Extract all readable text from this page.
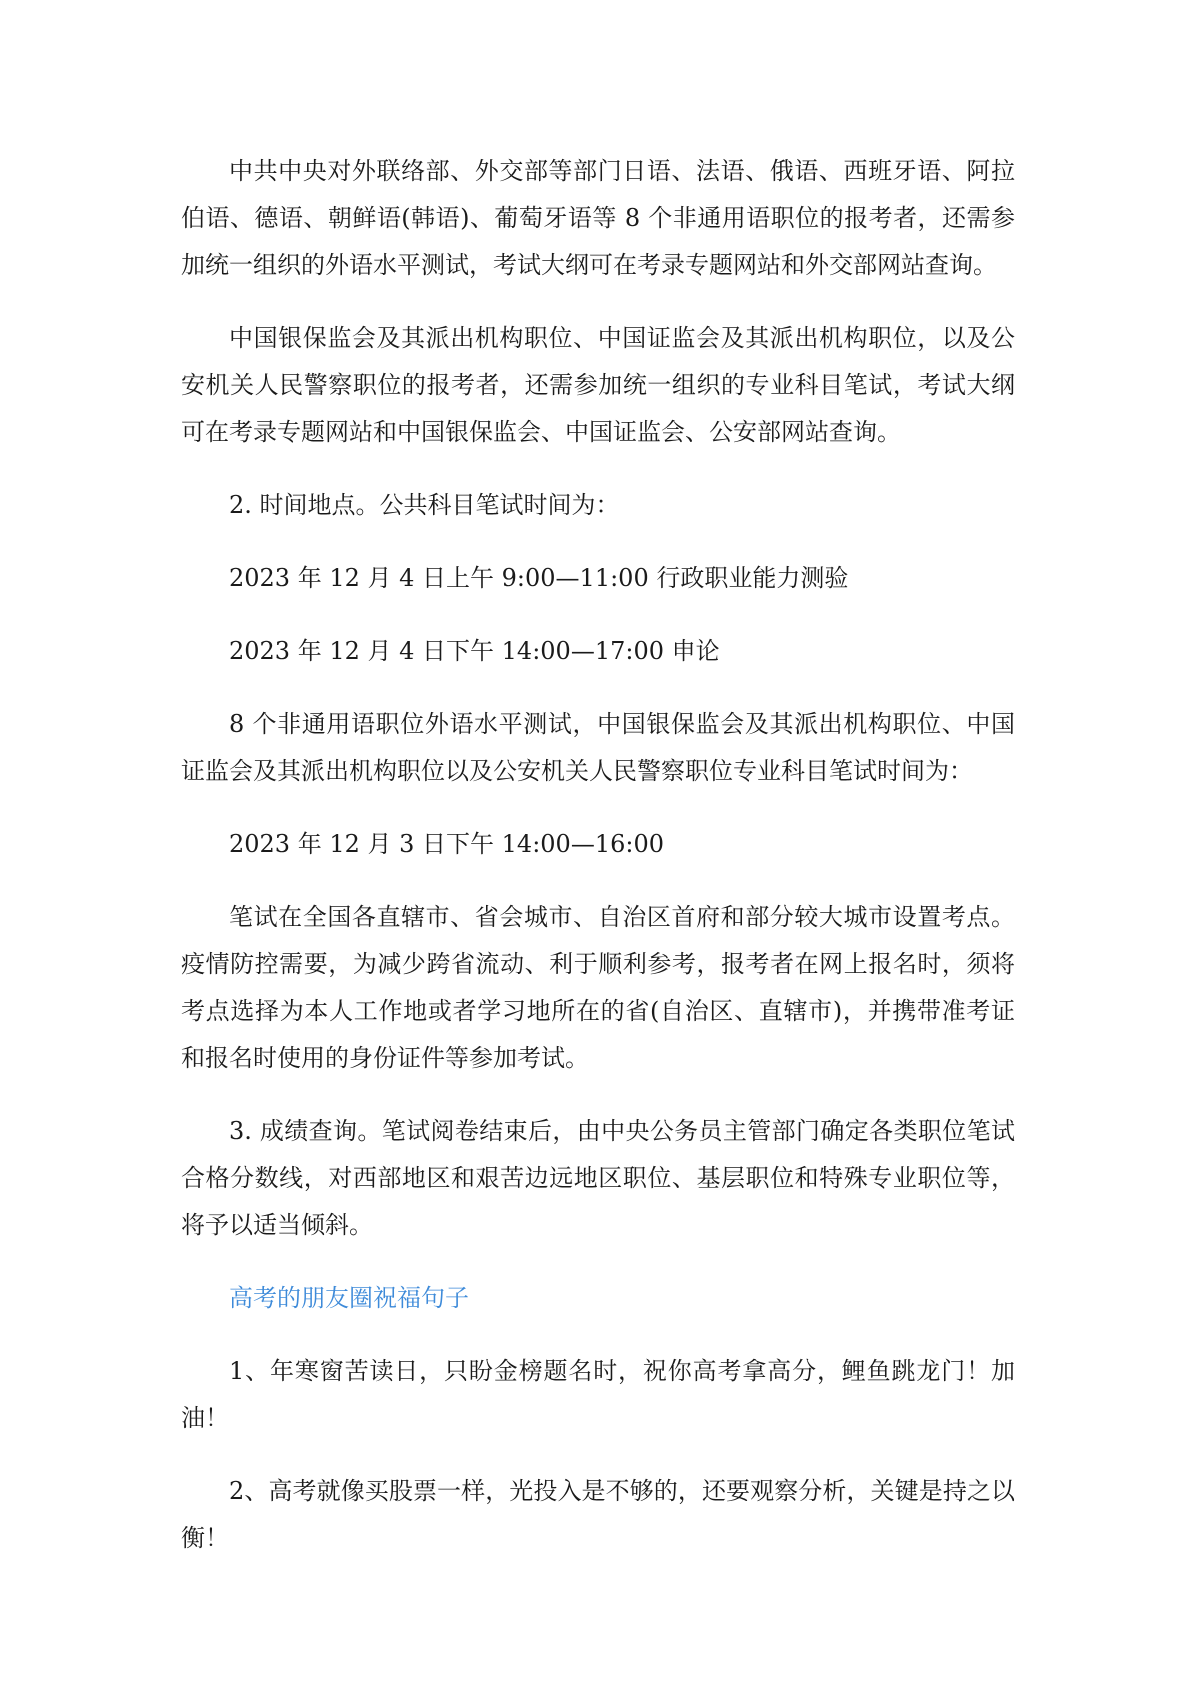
中共中央对外联络部、外交部等部门日语、法语、俄语、西班牙语、阿拉伯语、德语、朝鲜语(韩语)、葡萄牙语等 8 个非通用语职位的报考者，还需参加统一组织的外语水平测试，考试大纲可在考录专题网站和外交部网站查询。

中国银保监会及其派出机构职位、中国证监会及其派出机构职位，以及公安机关人民警察职位的报考者，还需参加统一组织的专业科目笔试，考试大纲可在考录专题网站和中国银保监会、中国证监会、公安部网站查询。

2. 时间地点。公共科目笔试时间为：

2023 年 12 月 4 日上午 9:00—11:00 行政职业能力测验

2023 年 12 月 4 日下午 14:00—17:00 申论

8 个非通用语职位外语水平测试，中国银保监会及其派出机构职位、中国证监会及其派出机构职位以及公安机关人民警察职位专业科目笔试时间为：

2023 年 12 月 3 日下午 14:00—16:00

笔试在全国各直辖市、省会城市、自治区首府和部分较大城市设置考点。疫情防控需要，为减少跨省流动、利于顺利参考，报考者在网上报名时，须将考点选择为本人工作地或者学习地所在的省(自治区、直辖市)，并携带准考证和报名时使用的身份证件等参加考试。

3. 成绩查询。笔试阅卷结束后，由中央公务员主管部门确定各类职位笔试合格分数线，对西部地区和艰苦边远地区职位、基层职位和特殊专业职位等，将予以适当倾斜。

高考的朋友圈祝福句子

1、年寒窗苦读日，只盼金榜题名时，祝你高考拿高分，鲤鱼跳龙门！加油！

2、高考就像买股票一样，光投入是不够的，还要观察分析，关键是持之以衡！
